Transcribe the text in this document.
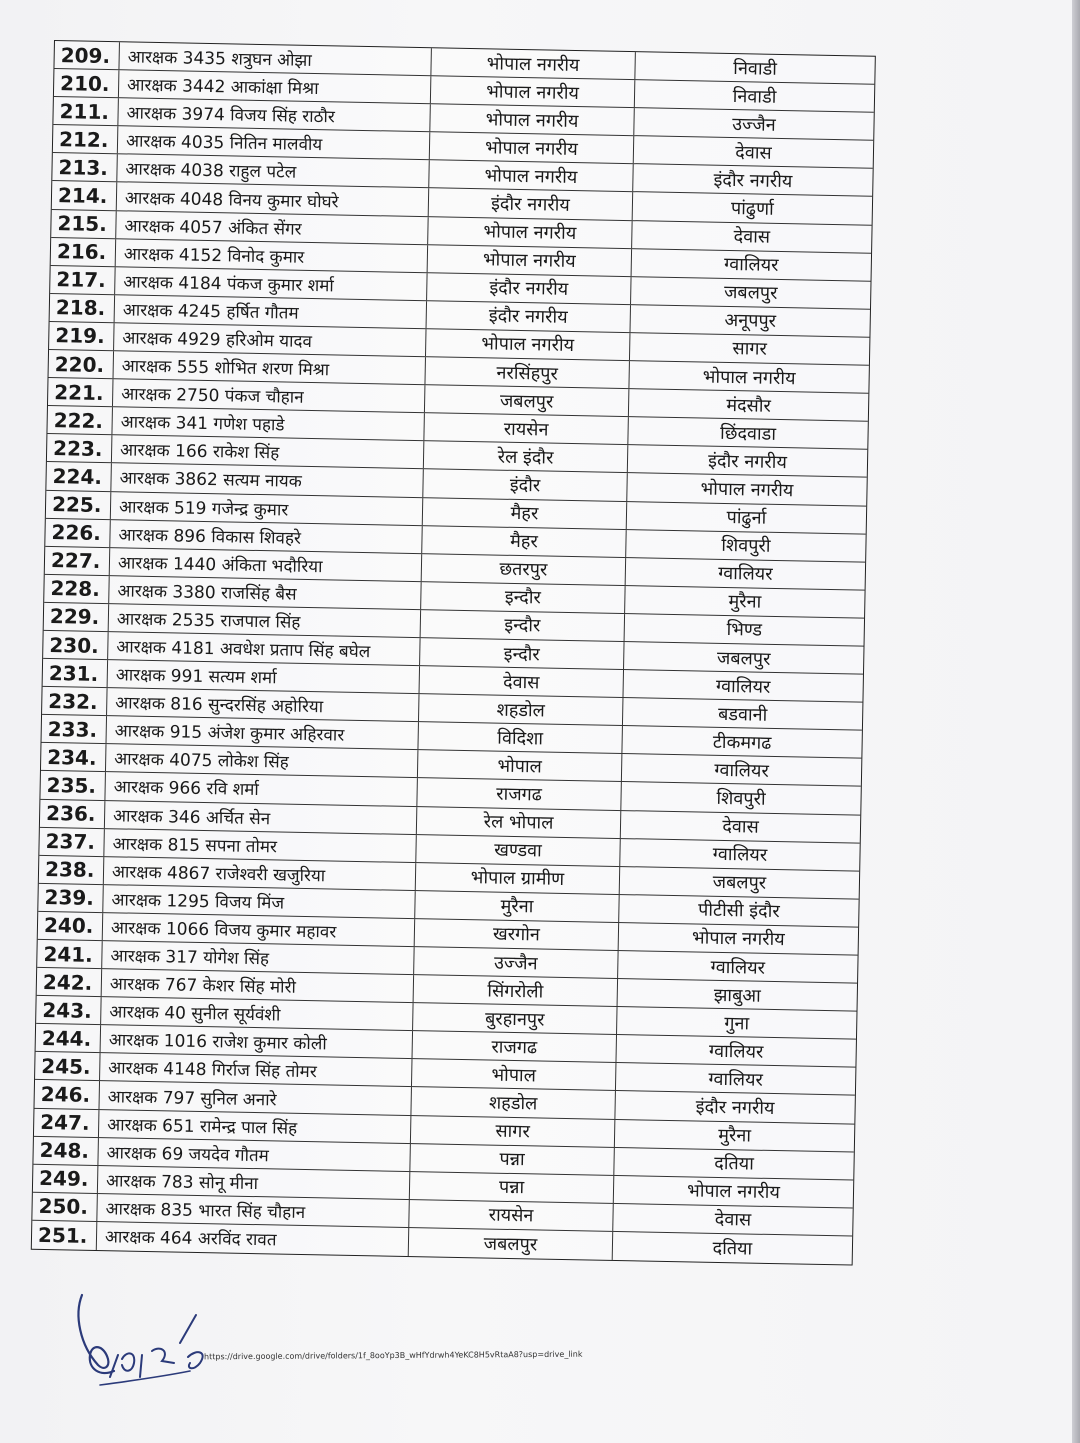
209.	आरक्षक 3435 शत्रुघन ओझा	भोपाल नगरीय	निवाडी
210.	आरक्षक 3442 आकांक्षा मिश्रा	भोपाल नगरीय	निवाडी
211.	आरक्षक 3974 विजय सिंह राठौर	भोपाल नगरीय	उज्जैन
212.	आरक्षक 4035 नितिन मालवीय	भोपाल नगरीय	देवास
213.	आरक्षक 4038 राहुल पटेल	भोपाल नगरीय	इंदौर नगरीय
214.	आरक्षक 4048 विनय कुमार घोघरे	इंदौर नगरीय	पांढुर्णा
215.	आरक्षक 4057 अंकित सेंगर	भोपाल नगरीय	देवास
216.	आरक्षक 4152 विनोद कुमार	भोपाल नगरीय	ग्वालियर
217.	आरक्षक 4184 पंकज कुमार शर्मा	इंदौर नगरीय	जबलपुर
218.	आरक्षक 4245 हर्षित गौतम	इंदौर नगरीय	अनूपपुर
219.	आरक्षक 4929 हरिओम यादव	भोपाल नगरीय	सागर
220.	आरक्षक 555 शोभित शरण मिश्रा	नरसिंहपुर	भोपाल नगरीय
221.	आरक्षक 2750 पंकज चौहान	जबलपुर	मंदसौर
222.	आरक्षक 341 गणेश पहाडे	रायसेन	छिंदवाडा
223.	आरक्षक 166 राकेश सिंह	रेल इंदौर	इंदौर नगरीय
224.	आरक्षक 3862 सत्यम नायक	इंदौर	भोपाल नगरीय
225.	आरक्षक 519 गजेन्द्र कुमार	मैहर	पांढुर्ना
226.	आरक्षक 896 विकास शिवहरे	मैहर	शिवपुरी
227.	आरक्षक 1440 अंकिता भदौरिया	छतरपुर	ग्वालियर
228.	आरक्षक 3380 राजसिंह बैस	इन्दौर	मुरैना
229.	आरक्षक 2535 राजपाल सिंह	इन्दौर	भिण्ड
230.	आरक्षक 4181 अवधेश प्रताप सिंह बघेल	इन्दौर	जबलपुर
231.	आरक्षक 991 सत्यम शर्मा	देवास	ग्वालियर
232.	आरक्षक 816 सुन्दरसिंह अहोरिया	शहडोल	बडवानी
233.	आरक्षक 915 अंजेश कुमार अहिरवार	विदिशा	टीकमगढ
234.	आरक्षक 4075 लोकेश सिंह	भोपाल	ग्वालियर
235.	आरक्षक 966 रवि शर्मा	राजगढ	शिवपुरी
236.	आरक्षक 346 अर्चित सेन	रेल भोपाल	देवास
237.	आरक्षक 815 सपना तोमर	खण्डवा	ग्वालियर
238.	आरक्षक 4867 राजेश्वरी खजुरिया	भोपाल ग्रामीण	जबलपुर
239.	आरक्षक 1295 विजय मिंज	मुरैना	पीटीसी इंदौर
240.	आरक्षक 1066 विजय कुमार महावर	खरगोन	भोपाल नगरीय
241.	आरक्षक 317 योगेश सिंह	उज्जैन	ग्वालियर
242.	आरक्षक 767 केशर सिंह मोरी	सिंगरोली	झाबुआ
243.	आरक्षक 40 सुनील सूर्यवंशी	बुरहानपुर	गुना
244.	आरक्षक 1016 राजेश कुमार कोली	राजगढ	ग्वालियर
245.	आरक्षक 4148 गिर्राज सिंह तोमर	भोपाल	ग्वालियर
246.	आरक्षक 797 सुनिल अनारे	शहडोल	इंदौर नगरीय
247.	आरक्षक 651 रामेन्द्र पाल सिंह	सागर	मुरैना
248.	आरक्षक 69 जयदेव गौतम	पन्ना	दतिया
249.	आरक्षक 783 सोनू मीना	पन्ना	भोपाल नगरीय
250.	आरक्षक 835 भारत सिंह चौहान	रायसेन	देवास
251.	आरक्षक 464 अरविंद रावत	जबलपुर	दतिया
https://drive.google.com/drive/folders/1f_8ooYp3B_wHfYdrwh4YeKC8H5vRtaA8?usp=drive_link
